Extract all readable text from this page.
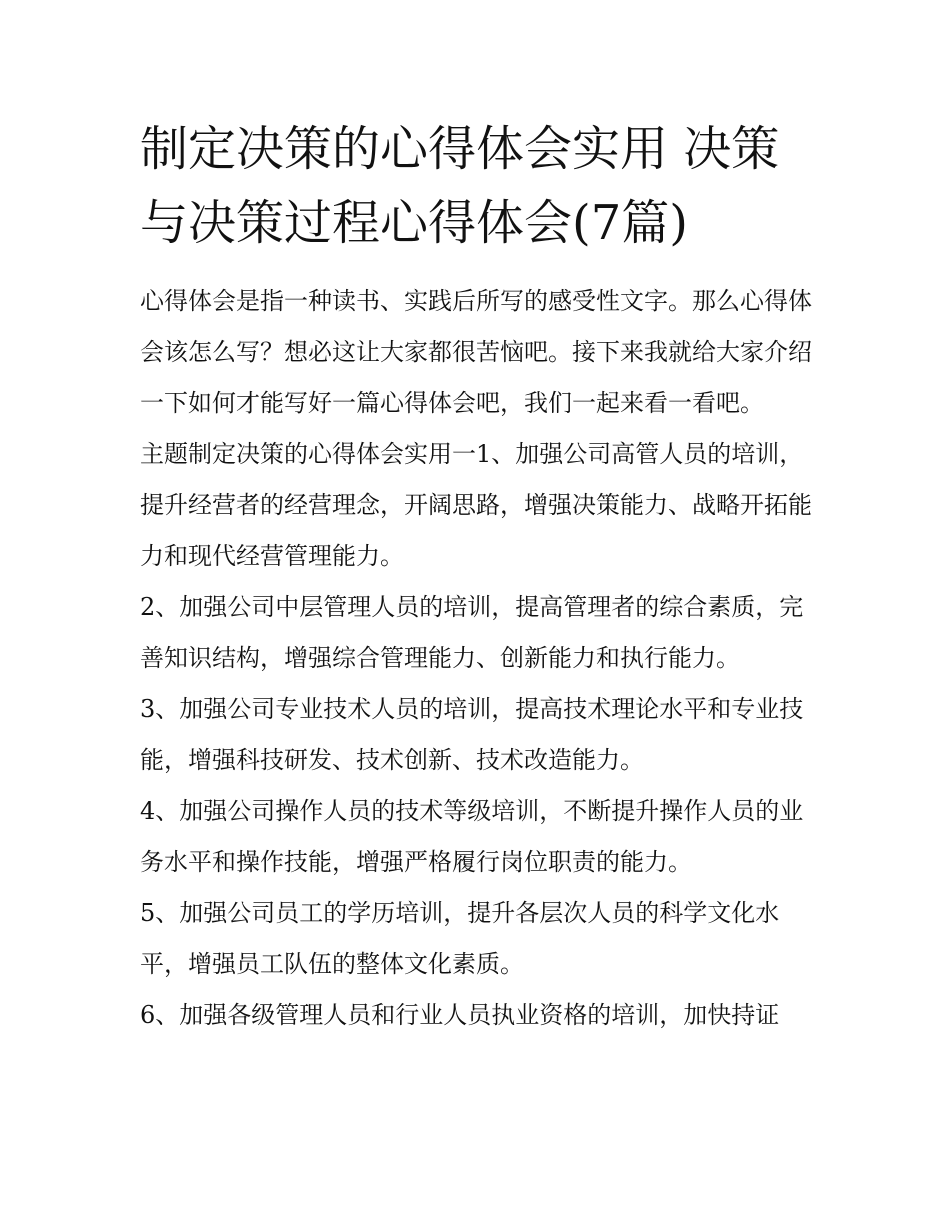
制定决策的心得体会实用 决策与决策过程心得体会(7篇)

心得体会是指一种读书、实践后所写的感受性文字。那么心得体会该怎么写？想必这让大家都很苦恼吧。接下来我就给大家介绍一下如何才能写好一篇心得体会吧，我们一起来看一看吧。

主题制定决策的心得体会实用一1、加强公司高管人员的培训，提升经营者的经营理念，开阔思路，增强决策能力、战略开拓能力和现代经营管理能力。

2、加强公司中层管理人员的培训，提高管理者的综合素质，完善知识结构，增强综合管理能力、创新能力和执行能力。

3、加强公司专业技术人员的培训，提高技术理论水平和专业技能，增强科技研发、技术创新、技术改造能力。

4、加强公司操作人员的技术等级培训，不断提升操作人员的业务水平和操作技能，增强严格履行岗位职责的能力。

5、加强公司员工的学历培训，提升各层次人员的科学文化水平，增强员工队伍的整体文化素质。

6、加强各级管理人员和行业人员执业资格的培训，加快持证
